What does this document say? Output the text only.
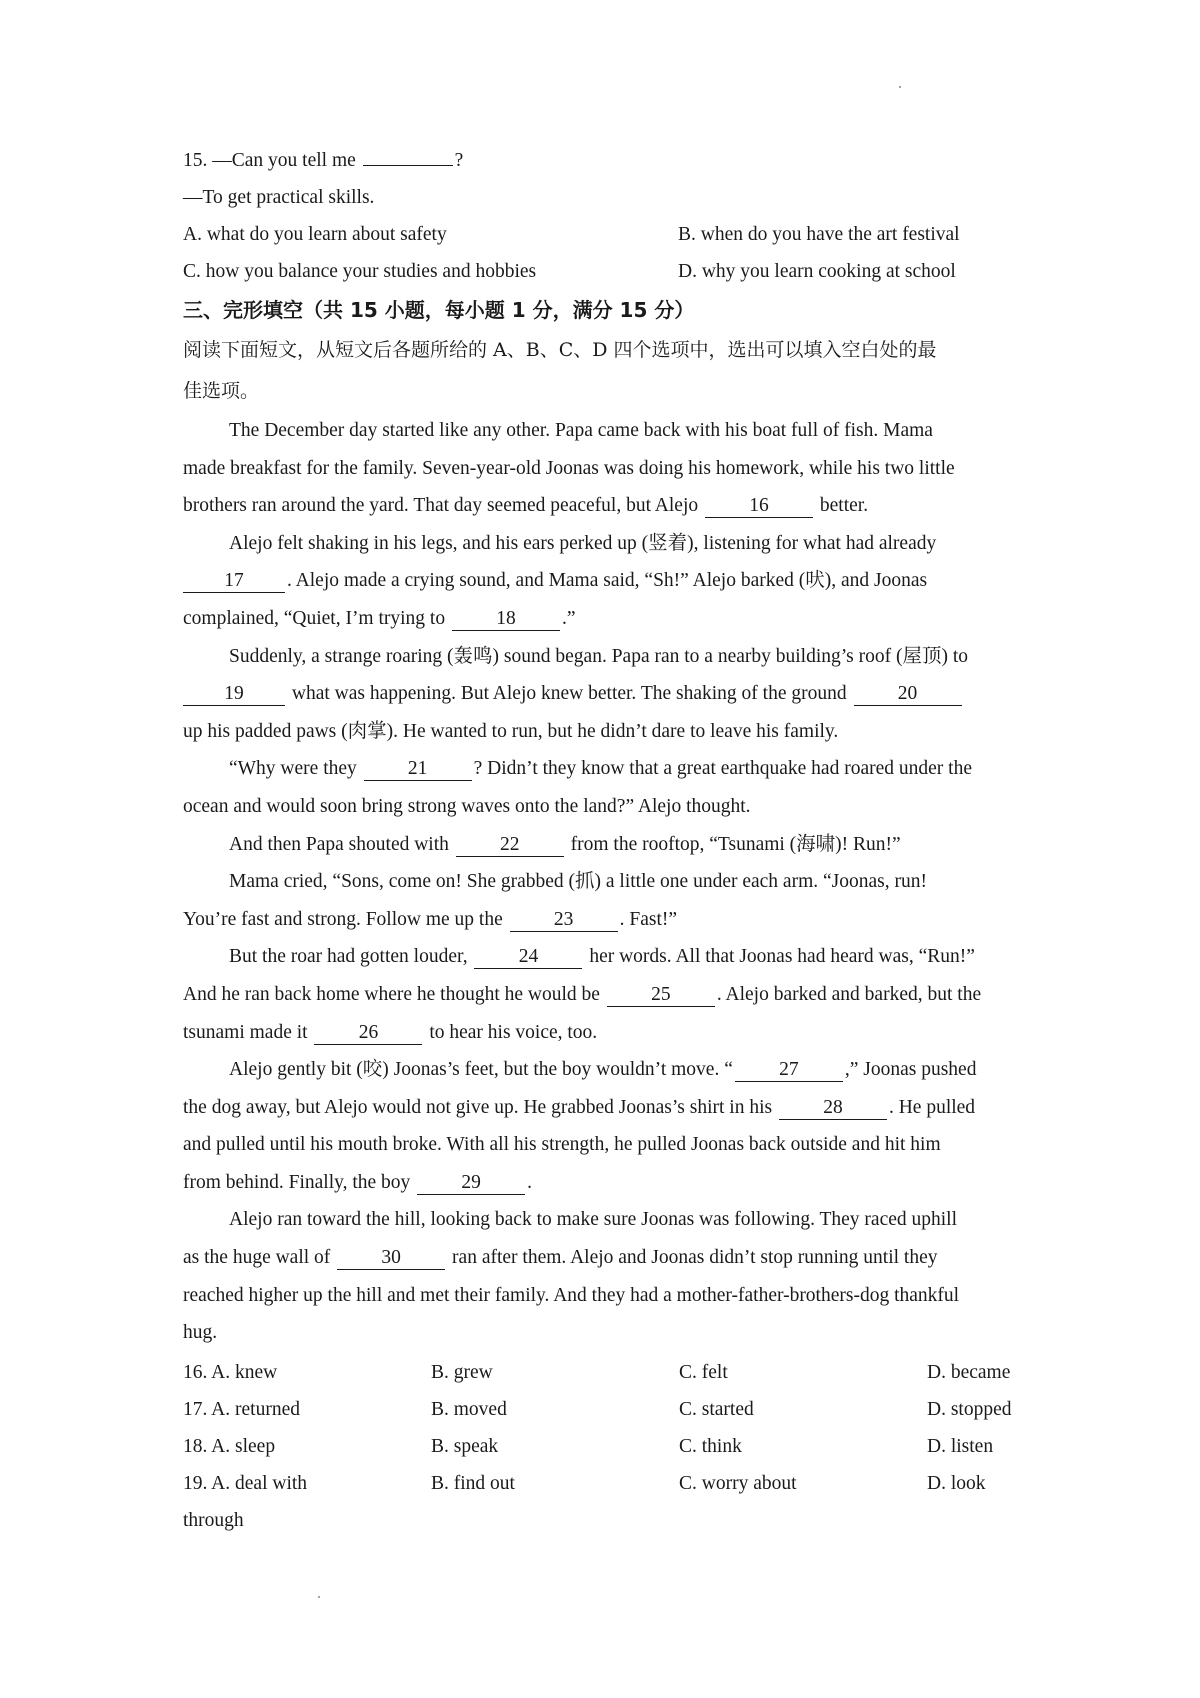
15. —Can you tell me	?
—To get practical skills.
A. what do you learn about safety	B. when do you have the art festival
C. how you balance your studies and hobbies	D. why you learn cooking at school
三、完形填空（共 15 小题，每小题 1 分，满分 15 分）
阅读下面短文，从短文后各题所给的 A、B、C、D 四个选项中，选出可以填入空白处的最
佳选项。
The December day started like any other. Papa came back with his boat full of fish. Mama
made breakfast for the family. Seven-year-old Joonas was doing his homework, while his two little
brothers ran around the yard. That day seemed peaceful, but Alejo	16	better.
Alejo felt shaking in his legs, and his ears perked up (竖着), listening for what had already
17 . Alejo made a crying sound, and Mama said, “Sh!” Alejo barked (吠), and Joonas
complained, “Quiet, I’m trying to	18 .”
Suddenly, a strange roaring (轰鸣) sound began. Papa ran to a nearby building’s roof (屋顶) to
19 what was happening. But Alejo knew better. The shaking of the ground	20
up his padded paws (肉掌). He wanted to run, but he didn’t dare to leave his family.
“Why were they	21 ? Didn’t they know that a great earthquake had roared under the
ocean and would soon bring strong waves onto the land?” Alejo thought.
And then Papa shouted with	22	from the rooftop, “Tsunami (海啸)! Run!”
Mama cried, “Sons, come on! She grabbed (抓) a little one under each arm. “Joonas, run!
You’re fast and strong. Follow me up the	23 . Fast!”
But the roar had gotten louder,	24	her words. All that Joonas had heard was, “Run!”
And he ran back home where he thought he would be	25 . Alejo barked and barked, but the
tsunami made it	26	to hear his voice, too.
Alejo gently bit (咬) Joonas’s feet, but the boy wouldn’t move. “ 27 ,” Joonas pushed
the dog away, but Alejo would not give up. He grabbed Joonas’s shirt in his	28 . He pulled
and pulled until his mouth broke. With all his strength, he pulled Joonas back outside and hit him
from behind. Finally, the boy	29 .
Alejo ran toward the hill, looking back to make sure Joonas was following. They raced uphill
as the huge wall of	30	ran after them. Alejo and Joonas didn’t stop running until they
reached higher up the hill and met their family. And they had a mother-father-brothers-dog thankful
hug.
16. A. knew	B. grew	C. felt	D. became
17. A. returned	B. moved	C. started	D. stopped
18. A. sleep	B. speak	C. think	D. listen
19. A. deal with	B. find out	C. worry about	D. look
through
